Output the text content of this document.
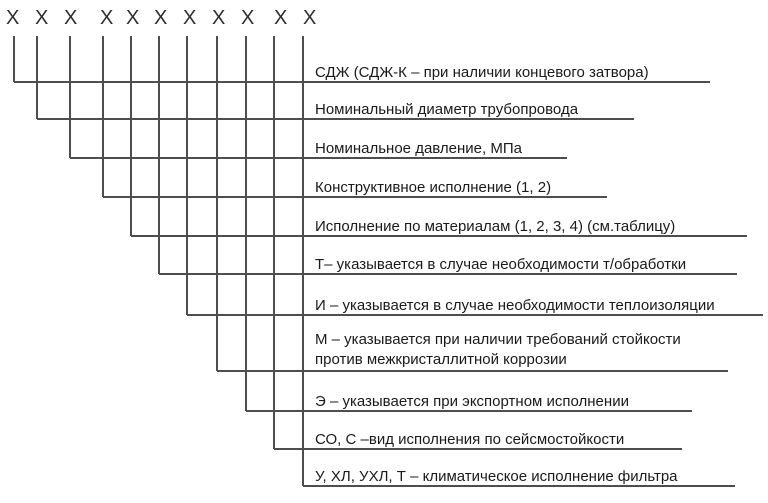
Х Х Х Х Х Х Х Х Х Х Х
СДЖ (СДЖ-К – при наличии концевого затвора)
Номинальный диаметр трубопровода
Номинальное давление, МПа
Конструктивное исполнение (1, 2)
Исполнение по материалам (1, 2, 3, 4) (см.таблицу)
Т– указывается в случае необходимости т/обработки
И – указывается в случае необходимости теплоизоляции
М – указывается при наличии требований стойкости
против межкристаллитной коррозии
Э – указывается при экспортном исполнении
СО, С –вид исполнения по сейсмостойкости
У, ХЛ, УХЛ, Т – климатическое исполнение фильтра
